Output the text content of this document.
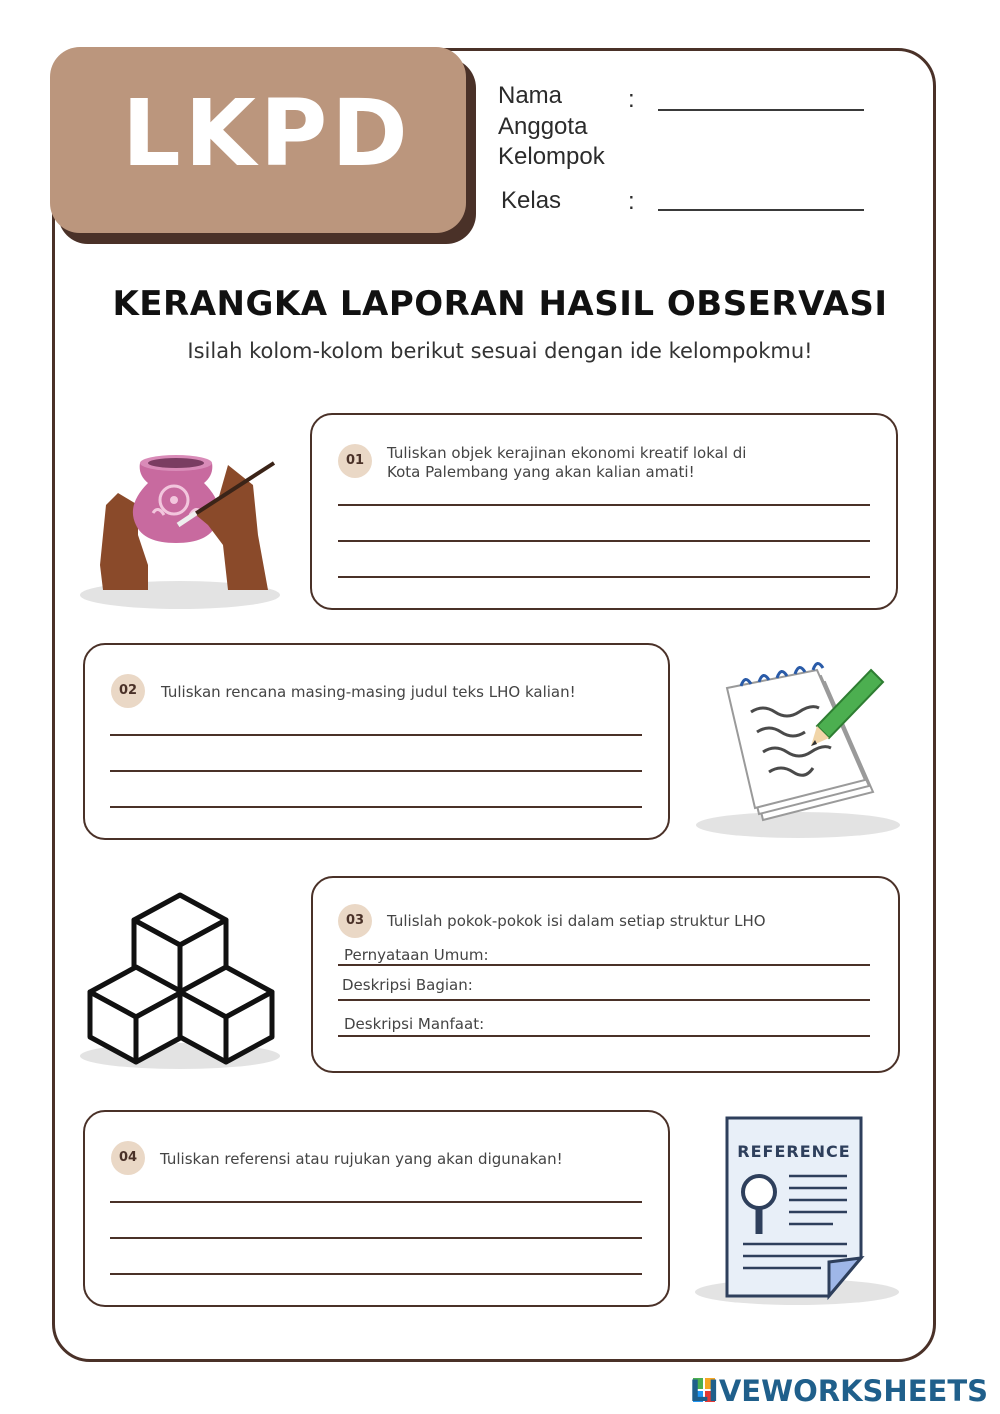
LKPD	Nama	:
Anggota
Kelompok
Kelas	:
KERANGKA LAPORAN HASIL OBSERVASI
Isilah kolom-kolom berikut sesuai dengan ide kelompokmu!
01	Tuliskan objek kerajinan ekonomi kreatif lokal di
Kota Palembang yang akan kalian amati!
02	Tuliskan rencana masing-masing judul teks LHO kalian!
03	Tulislah pokok-pokok isi dalam setiap struktur LHO
Pernyataan Umum:
Deskripsi Bagian:
Deskripsi Manfaat:
04	Tuliskan referensi atau rujukan yang akan digunakan!	REFERENCE
LIVEWORKSHEETS
